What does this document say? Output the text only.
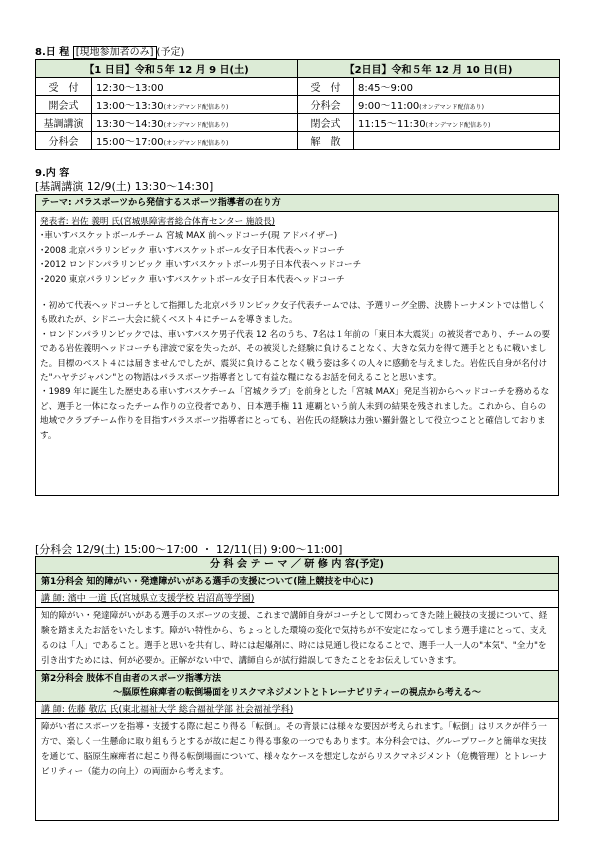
8.日 程 [現地参加者のみ] (予定)
【1 日目】令和５年 12 月 9 日(土)		【2日目】令和５年 12 月 10 日(日)	
受　付	12:30～13:00	受　付	8:45～9:00
開会式	13:00～13:30(オンデマンド配信あり)	分科会	9:00～11:00(オンデマンド配信あり)
基調講演	13:30～14:30(オンデマンド配信あり)	閉会式	11:15～11:30(オンデマンド配信あり)
分科会	15:00～17:00(オンデマンド配信あり)	解　散	
9.内 容
[基調講演 12/9(土) 13:30～14:30]
テーマ: パラスポーツから発信するスポーツ指導者の在り方

発表者: 岩佐 義明 氏(宮城県障害者総合体育センター 施設長)

･車いすバスケットボールチーム 宮城 MAX 前ヘッドコーチ(現 アドバイザー)
･2008 北京パラリンピック 車いすバスケットボール女子日本代表ヘッドコーチ
･2012 ロンドンパラリンピック 車いすバスケットボール男子日本代表ヘッドコーチ
･2020 東京パラリンピック 車いすバスケットボール女子日本代表ヘッドコーチ

・初めて代表ヘッドコーチとして指揮した北京パラリンピック女子代表チームでは、予選リーグ全勝、決勝トーナメントでは惜しくも敗れたが、シドニー大会に続くベスト４にチームを導きました。

・ロンドンパラリンピックでは、車いすバスケ男子代表 12 名のうち、7名は１年前の「東日本大震災」の被災者であり、チームの要である岩佐義明ヘッドコーチも津波で家を失ったが、その被災した経験に負けることなく、大きな気力を得て選手とともに戦いました。目標のベスト４には届きませんでしたが、震災に負けることなく戦う姿は多くの人々に感動を与えました。岩佐氏自身が名付けた"ハヤテジャパン"との物語はパラスポーツ指導者として有益な糧になるお話を伺えることと思います。

・1989 年に誕生した歴史ある車いすバスケチーム「宮城クラブ」を前身とした「宮城 MAX」発足当初からヘッドコーチを務めるなど、選手と一体になったチーム作りの立役者であり、日本選手権 11 連覇という前人未到の結果を残されました。これから、自らの地域でクラブチーム作りを目指すパラスポーツ指導者にとっても、岩佐氏の経験は力強い羅針盤として役立つことと確信しております。

[分科会 12/9(土) 15:00～17:00 ・ 12/11(日) 9:00～11:00]
分 科 会 テ ー マ ／ 研 修 内 容(予定)
第1分科会 知的障がい・発達障がいがある選手の支援について(陸上競技を中心に)
講 師: 濱中 一道 氏(宮城県立支援学校 岩沼高等学園)
知的障がい・発達障がいがある選手のスポーツの支援、これまで講師自身がコーチとして関わってきた陸上競技の支援について、経験を踏まえたお話をいたします。障がい特性から、ちょっとした環境の変化で気持ちが不安定になってしまう選手達にとって、支えるのは「人」であること。選手と思いを共有し、時には起爆剤に、時には見通し役になることで、選手一人一人の"本気"、"全力"を引き出すためには、何が必要か。正解がない中で、講師自らが試行錯誤してきたことをお伝えしていきます。
第2分科会 肢体不自由者のスポーツ指導方法
～脳原性麻痺者の転倒場面をリスクマネジメントとトレーナビリティーの視点から考える～
講 師: 佐藤 敬広 氏(東北福祉大学 総合福祉学部 社会福祉学科)
障がい者にスポーツを指導・支援する際に起こり得る「転倒」。その背景には様々な要因が考えられます。「転倒」はリスクが伴う一方で、楽しく一生懸命に取り組もうとするが故に起こり得る事象の一つでもあります。本分科会では、グループワークと簡単な実技を通じて、脳原生麻痺者に起こり得る転倒場面について、様々なケースを想定しながらリスクマネジメント（危機管理）とトレーナビリティー（能力の向上）の両面から考えます。
